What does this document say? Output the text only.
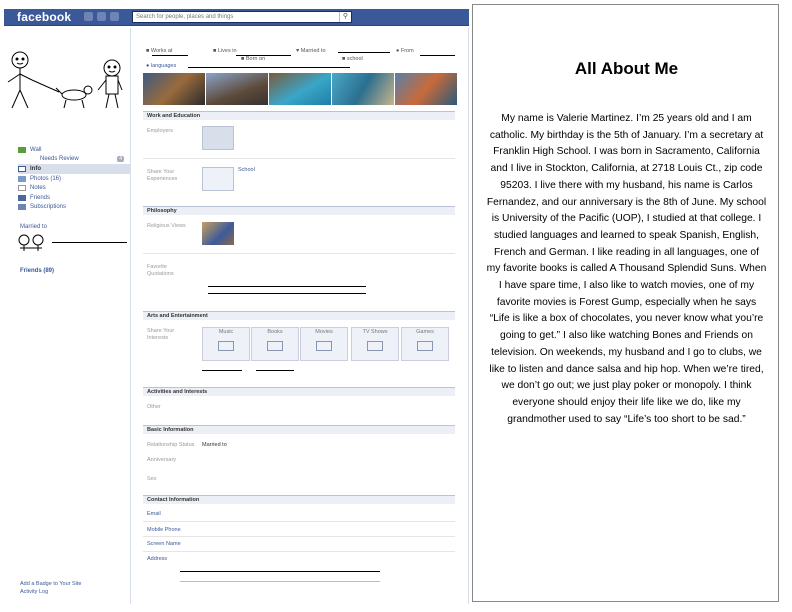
facebook	Search for people, places and things	⚲
Wall
Needs Review	4
Info
Photos (16)
Notes
Friends
Subscriptions
Married to
Friends (89)
Add a Badge to Your Site
Activity Log
■ Works at	■ Lives in	♥ Married to	● From
■ Born on	■ school
● languages
Work and Education
Employers
Share Your Experiences
School
Philosophy
Religious Views
Favorite Quotations
Arts and Entertainment
Share Your Interests
Music	Books	Movies	TV Shows	Games
Activities and Interests
Other
Basic Information
Relationship Status Married to
Anniversary
Sex
Contact Information
Email
Mobile Phone
Screen Name
Address
All About Me
My name is Valerie Martinez. I’m 25 years old and I am
catholic. My birthday is the 5th of January. I’m a secretary at
Franklin High School. I was born in Sacramento, California
and I live in Stockton, California, at 2718 Louis Ct., zip code
95203. I live there with my husband, his name is Carlos
Fernandez, and our anniversary is the 8th of June. My school
is University of the Pacific (UOP), I studied at that college. I
studied languages and learned to speak Spanish, English,
French and German. I like reading in all languages, one of
my favorite books is called A Thousand Splendid Suns. When
I have spare time, I also like to watch movies, one of my
favorite movies is Forest Gump, especially when he says
“Life is like a box of chocolates, you never know what you’re
going to get.” I also like watching Bones and Friends on
television. On weekends, my husband and I go to clubs, we
like to listen and dance salsa and hip hop. When we’re tired,
we don’t go out; we just play poker or monopoly. I think
everyone should enjoy their life like we do, like my
grandmother used to say “Life’s too short to be sad.”
